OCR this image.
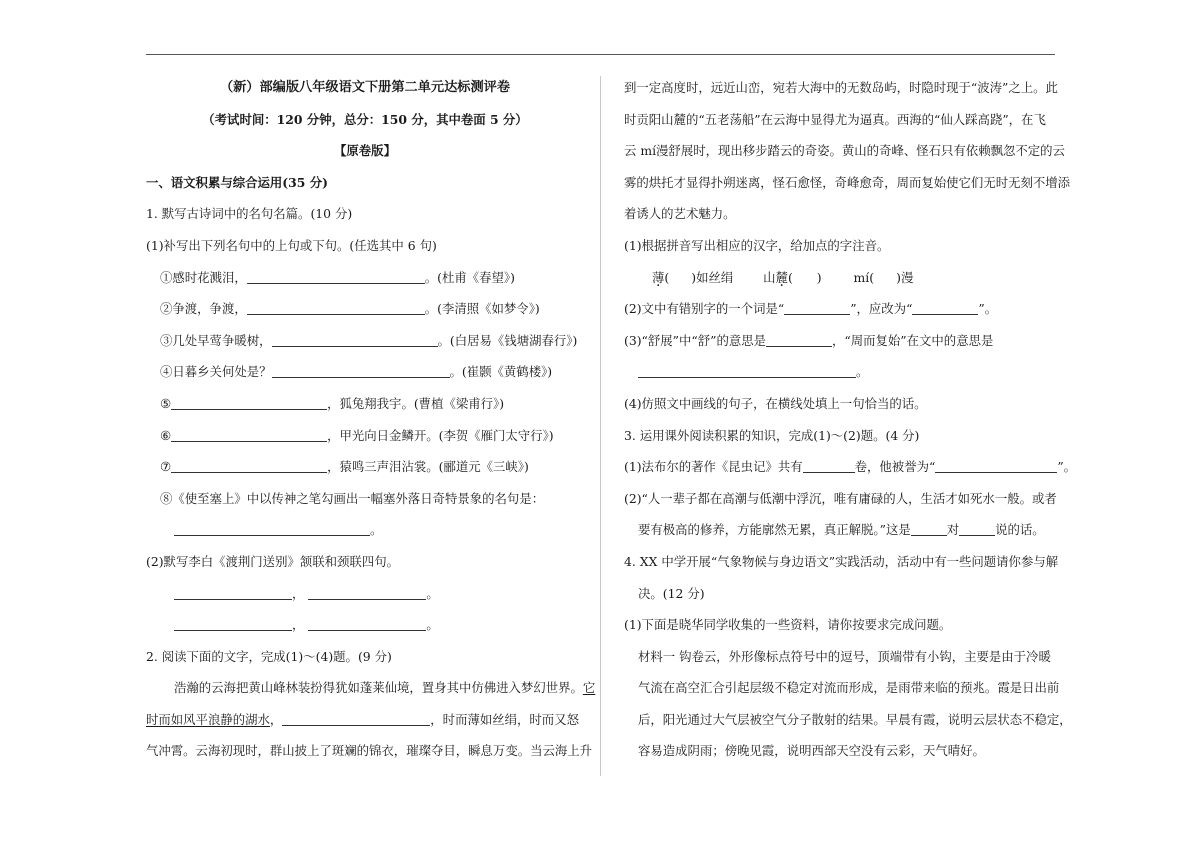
（新）部编版八年级语文下册第二单元达标测评卷
（考试时间：120 分钟，总分：150 分，其中卷面 5 分）
【原卷版】
一、语文积累与综合运用(35 分)
1. 默写古诗词中的名句名篇。(10 分)
(1)补写出下列名句中的上句或下句。(任选其中 6 句)
①感时花溅泪，	。(杜甫《春望》)
②争渡，争渡，	。(李清照《如梦令》)
③几处早莺争暖树，	。(白居易《钱塘湖春行》)
④日暮乡关何处是？	。(崔颢《黄鹤楼》)
⑤	，狐兔翔我宇。(曹植《梁甫行》)
⑥	，甲光向日金鳞开。(李贺《雁门太守行》)
⑦	，猿鸣三声泪沾裳。(郦道元《三峡》)
⑧《使至塞上》中以传神之笔勾画出一幅塞外落日奇特景象的名句是：
。
(2)默写李白《渡荆门送别》颔联和颈联四句。
，	。
，	。
2. 阅读下面的文字，完成(1)～(4)题。(9 分)
浩瀚的云海把黄山峰林装扮得犹如蓬莱仙境，置身其中仿佛进入梦幻世界。它
时而如风平浪静的湖水，	，时而薄如丝绢，时而又怒
气冲霄。云海初现时，群山披上了斑斓的锦衣，璀璨夺目，瞬息万变。当云海上升
到一定高度时，远近山峦，宛若大海中的无数岛屿，时隐时现于“波涛”之上。此
时贡阳山麓的“五老荡船”在云海中显得尤为逼真。西海的“仙人踩高跷”，在飞
云 mí漫舒展时，现出移步踏云的奇姿。黄山的奇峰、怪石只有依赖飘忽不定的云
雾的烘托才显得扑朔迷离，怪石愈怪，奇峰愈奇，周而复始使它们无时无刻不增添
着诱人的艺术魅力。
(1)根据拼音写出相应的汉字，给加点的字注音。
薄( )如丝绢 山麓( )	mí( )漫
(2)文中有错别字的一个词是“	”，应改为“	”。
(3)“舒展”中“舒”的意思是	，“周而复始”在文中的意思是
。
(4)仿照文中画线的句子，在横线处填上一句恰当的话。
3. 运用课外阅读积累的知识，完成(1)～(2)题。(4 分)
(1)法布尔的著作《昆虫记》共有	卷，他被誉为“	”。
(2)“人一辈子都在高潮与低潮中浮沉，唯有庸碌的人，生活才如死水一般。或者
要有极高的修养，方能廓然无累，真正解脱。”这是	对	说的话。
4. XX 中学开展“气象物候与身边语文”实践活动，活动中有一些问题请你参与解
决。(12 分)
(1)下面是晓华同学收集的一些资料，请你按要求完成问题。
材料一 钩卷云，外形像标点符号中的逗号，顶端带有小钩，主要是由于冷暖
气流在高空汇合引起层级不稳定对流而形成，是雨带来临的预兆。霞是日出前
后，阳光通过大气层被空气分子散射的结果。早晨有霞，说明云层状态不稳定，
容易造成阴雨；傍晚见霞，说明西部天空没有云彩，天气晴好。
